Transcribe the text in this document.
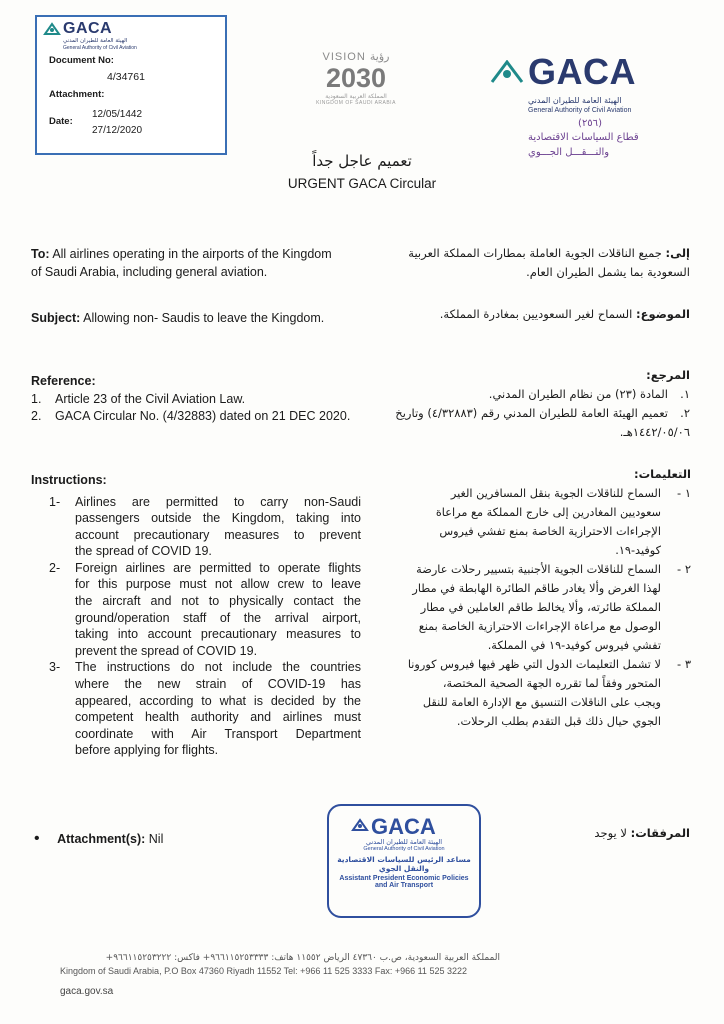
GACA
الهيئة العامة للطيران المدني
General Authority of Civil Aviation
Document No:
4/34761
Attachment:
Date:
12/05/1442
27/12/2020
VISION رؤية
2030
المملكة العربية السعودية
KINGDOM OF SAUDI ARABIA
GACA
الهيئة العامة للطيران المدني
General Authority of Civil Aviation
(٢٥٦)
قطاع السياسات الاقتصادية
والنـــقـــل الجـــوي
تعميم عاجل جداً
URGENT GACA Circular
To: All airlines operating in the airports of the Kingdom
of Saudi Arabia, including general aviation.
إلى: جميع الناقلات الجوية العاملة بمطارات المملكة العربية
السعودية بما يشمل الطيران العام.
Subject: Allowing non- Saudis to leave the Kingdom.	الموضوع: السماح لغير السعوديين بمغادرة المملكة.
Reference:
1. Article 23 of the Civil Aviation Law.
2. GACA Circular No. (4/32883) dated on 21 DEC 2020.
المرجع:
١.المادة (٢٣) من نظام الطيران المدني.
٢.تعميم الهيئة العامة للطيران المدني رقم (٤/٣٢٨٨٣) وتاريخ
١٤٤٢/٠٥/٠٦هـ.
Instructions:
1-	Airlines are permitted to carry non-Saudi
passengers outside the Kingdom, taking into
account precautionary measures to prevent
the spread of COVID 19.
2-	Foreign airlines are permitted to operate flights
for this purpose must not allow crew to leave
the aircraft and not to physically contact the
ground/operation staff of the arrival airport,
taking into account precautionary measures to
prevent the spread of COVID 19.
3-	The instructions do not include the countries
where the new strain of COVID-19 has
appeared, according to what is decided by the
competent health authority and airlines must
coordinate with Air Transport Department
before applying for flights.
التعليمات:
١ -
السماح للناقلات الجوية بنقل المسافرين الغير
سعوديين المغادرين إلى خارج المملكة مع مراعاة
الإجراءات الاحترازية الخاصة بمنع تفشي فيروس
كوفيد-١٩.
٢ -
السماح للناقلات الجوية الأجنبية بتسيير رحلات عارضة
لهذا الغرض وألا يغادر طاقم الطائرة الهابطة في مطار
المملكة طائرته، وألا يخالط طاقم العاملين في مطار
الوصول مع مراعاة الإجراءات الاحترازية الخاصة بمنع
تفشي فيروس كوفيد-١٩ في المملكة.
٣ -
لا تشمل التعليمات الدول التي ظهر فيها فيروس كورونا
المتحور وفقاً لما تقرره الجهة الصحية المختصة،
ويجب على الناقلات التنسيق مع الإدارة العامة للنقل
الجوي حيال ذلك قبل التقدم بطلب الرحلات.
• Attachment(s): Nil	المرفقات: لا يوجد
GACA
الهيئة العامة للطيران المدني
General Authority of Civil Aviation
مساعد الرئيس للسياسات الاقتصادية
والنقل الجوي
Assistant President Economic Policies
and Air Transport
المملكة العربية السعودية، ص.ب ٤٧٣٦٠ الرياض ١١٥٥٢ هاتف: ٩٦٦١١٥٢٥٣٣٣٣+ فاكس: ٩٦٦١١٥٢٥٣٢٢٢+
Kingdom of Saudi Arabia, P.O Box 47360 Riyadh 11552 Tel: +966 11 525 3333 Fax: +966 11 525 3222
gaca.gov.sa
